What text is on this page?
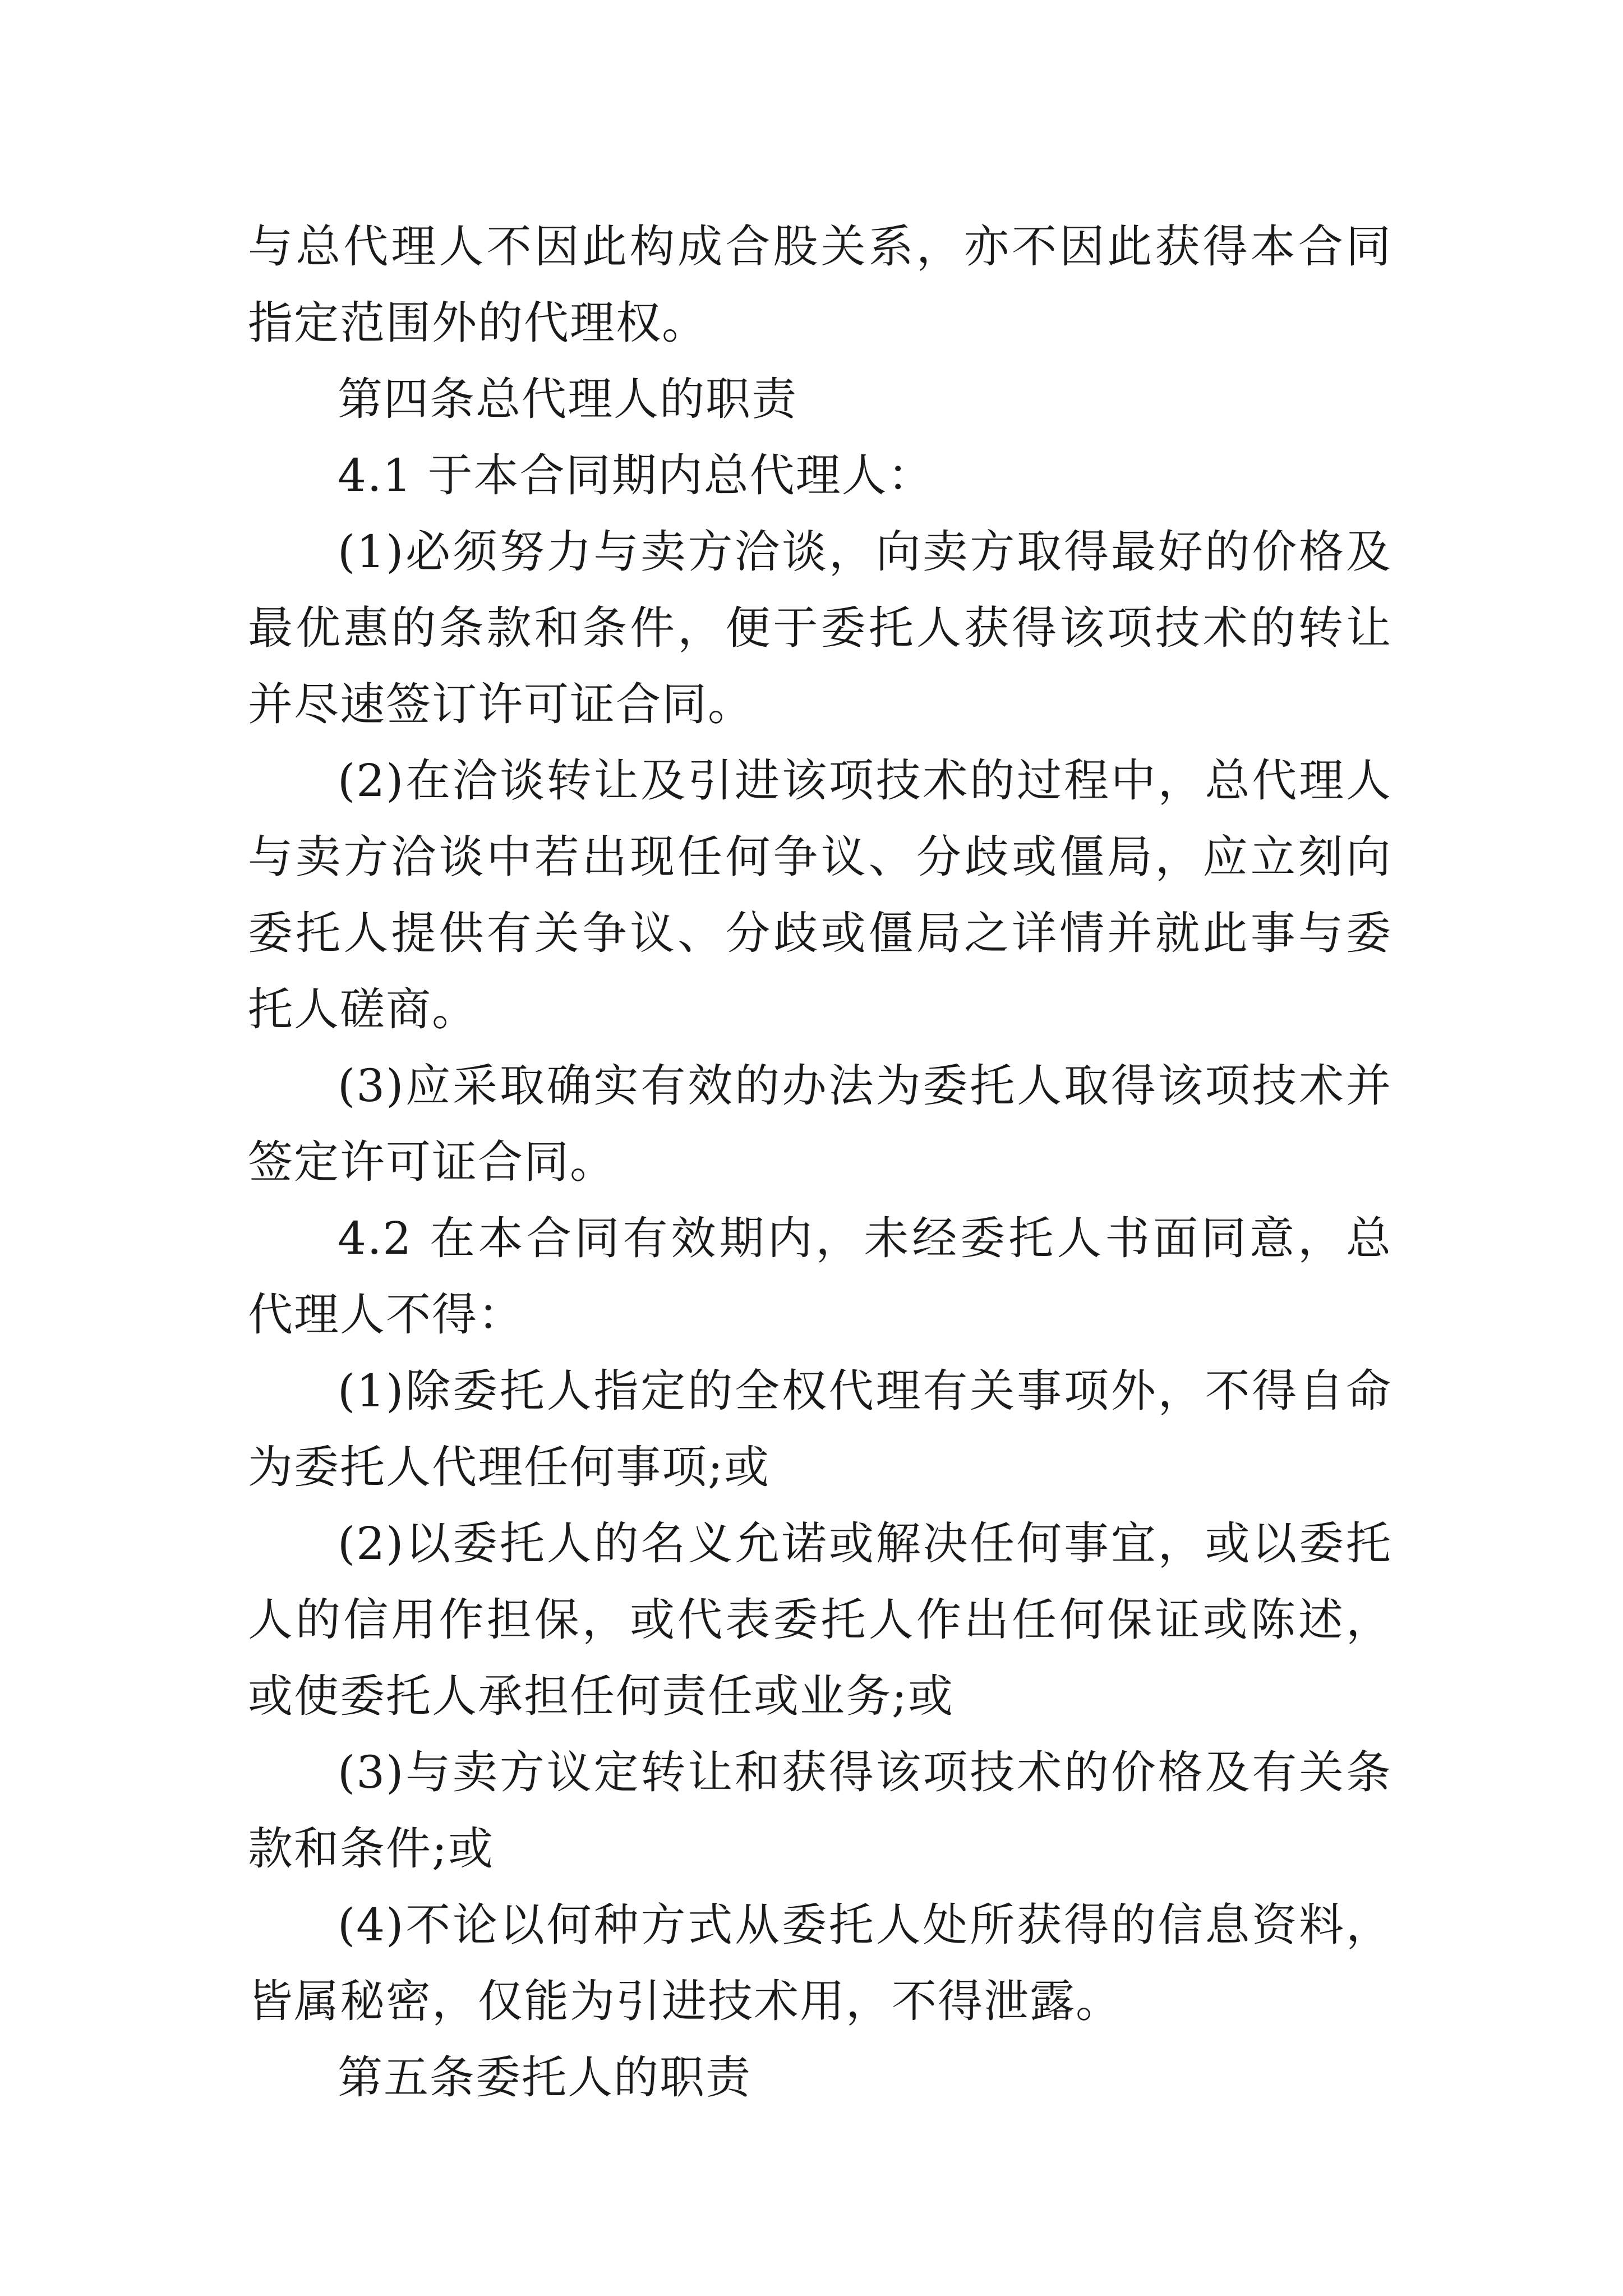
与总代理人不因此构成合股关系，亦不因此获得本合同指定范围外的代理权。

第四条总代理人的职责

4.1 于本合同期内总代理人：

(1)必须努力与卖方洽谈，向卖方取得最好的价格及最优惠的条款和条件，便于委托人获得该项技术的转让并尽速签订许可证合同。

(2)在洽谈转让及引进该项技术的过程中，总代理人与卖方洽谈中若出现任何争议、分歧或僵局，应立刻向委托人提供有关争议、分歧或僵局之详情并就此事与委托人磋商。

(3)应采取确实有效的办法为委托人取得该项技术并签定许可证合同。

4.2 在本合同有效期内，未经委托人书面同意，总代理人不得：

(1)除委托人指定的全权代理有关事项外，不得自命为委托人代理任何事项;或

(2)以委托人的名义允诺或解决任何事宜，或以委托人的信用作担保，或代表委托人作出任何保证或陈述，或使委托人承担任何责任或业务;或

(3)与卖方议定转让和获得该项技术的价格及有关条款和条件;或

(4)不论以何种方式从委托人处所获得的信息资料，皆属秘密，仅能为引进技术用，不得泄露。

第五条委托人的职责
